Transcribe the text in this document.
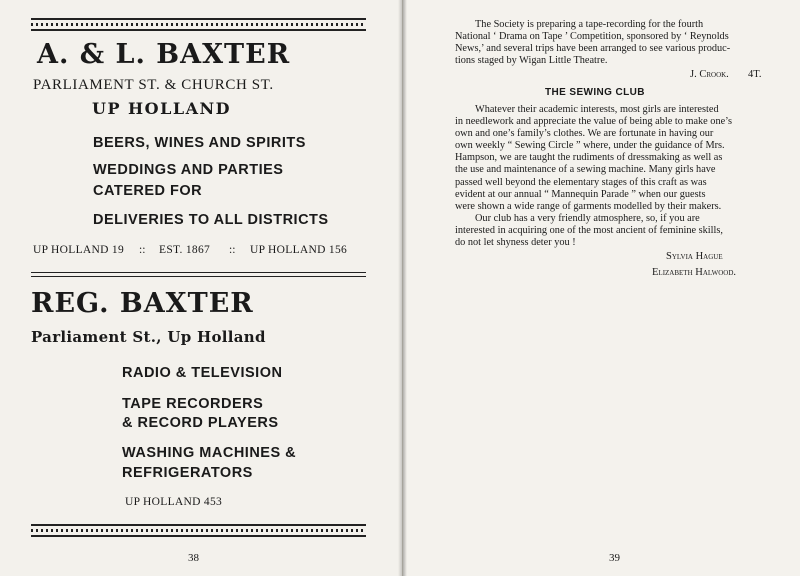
A. & L. BAXTER
PARLIAMENT ST. & CHURCH ST.
UP HOLLAND
BEERS, WINES AND SPIRITS
WEDDINGS AND PARTIES
CATERED FOR
DELIVERIES TO ALL DISTRICTS
UP HOLLAND 19 :: EST. 1867 :: UP HOLLAND 156
REG. BAXTER
Parliament St., Up Holland
RADIO & TELEVISION
TAPE RECORDERS
& RECORD PLAYERS
WASHING MACHINES &
REFRIGERATORS
UP HOLLAND 453
38
The Society is preparing a tape-recording for the fourth
National ‘ Drama on Tape ’ Competition, sponsored by ‘ Reynolds
News,’ and several trips have been arranged to see various produc-
tions staged by Wigan Little Theatre.
J. Crook. 4T.
THE SEWING CLUB
Whatever their academic interests, most girls are interested
in needlework and appreciate the value of being able to make one’s
own and one’s family’s clothes. We are fortunate in having our
own weekly “ Sewing Circle ” where, under the guidance of Mrs.
Hampson, we are taught the rudiments of dressmaking as well as
the use and maintenance of a sewing machine. Many girls have
passed well beyond the elementary stages of this craft as was
evident at our annual “ Mannequin Parade ” when our guests
were shown a wide range of garments modelled by their makers.
Our club has a very friendly atmosphere, so, if you are
interested in acquiring one of the most ancient of feminine skills,
do not let shyness deter you !
Sylvia Hague
Elizabeth Halwood.
39
